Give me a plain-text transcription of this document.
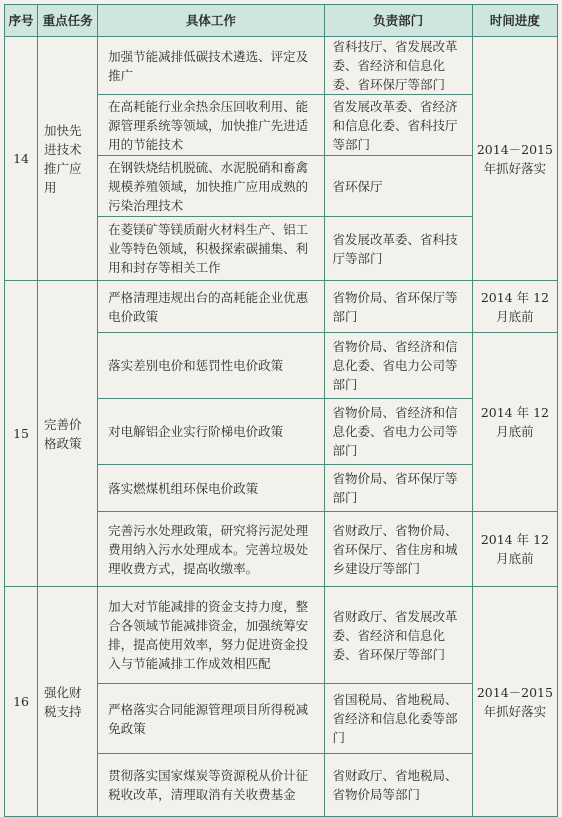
序号	重点任务	具体工作	负责部门	时间进度
14	加快先进技术推广应用	加强节能减排低碳技术遴选、评定及推广	省科技厅、省发展改革委、省经济和信息化委、省环保厅等部门	2014－2015年抓好落实
		在高耗能行业余热余压回收利用、能源管理系统等领域，加快推广先进适用的节能技术	省发展改革委、省经济和信息化委、省科技厅等部门	
		在钢铁烧结机脱硫、水泥脱硝和畜禽规模养殖领域，加快推广应用成熟的污染治理技术	省环保厅	
		在菱镁矿等镁质耐火材料生产、铝工业等特色领域，积极探索碳捕集、利用和封存等相关工作	省发展改革委、省科技厅等部门	
15	完善价格政策	严格清理违规出台的高耗能企业优惠电价政策	省物价局、省环保厅等部门	2014 年 12 月底前
		落实差别电价和惩罚性电价政策	省物价局、省经济和信息化委、省电力公司等部门	2014 年 12 月底前
		对电解铝企业实行阶梯电价政策	省物价局、省经济和信息化委、省电力公司等部门	
		落实燃煤机组环保电价政策	省物价局、省环保厅等部门	
		完善污水处理政策，研究将污泥处理费用纳入污水处理成本。完善垃圾处理收费方式，提高收缴率。	省财政厅、省物价局、省环保厅、省住房和城乡建设厅等部门	2014 年 12 月底前
16	强化财税支持	加大对节能减排的资金支持力度，整合各领域节能减排资金，加强统筹安排，提高使用效率，努力促进资金投入与节能减排工作成效相匹配	省财政厅、省发展改革委、省经济和信息化委、省环保厅等部门	2014－2015年抓好落实
		严格落实合同能源管理项目所得税减免政策	省国税局、省地税局、省经济和信息化委等部门	
		贯彻落实国家煤炭等资源税从价计征税收改革，清理取消有关收费基金	省财政厅、省地税局、省物价局等部门	
